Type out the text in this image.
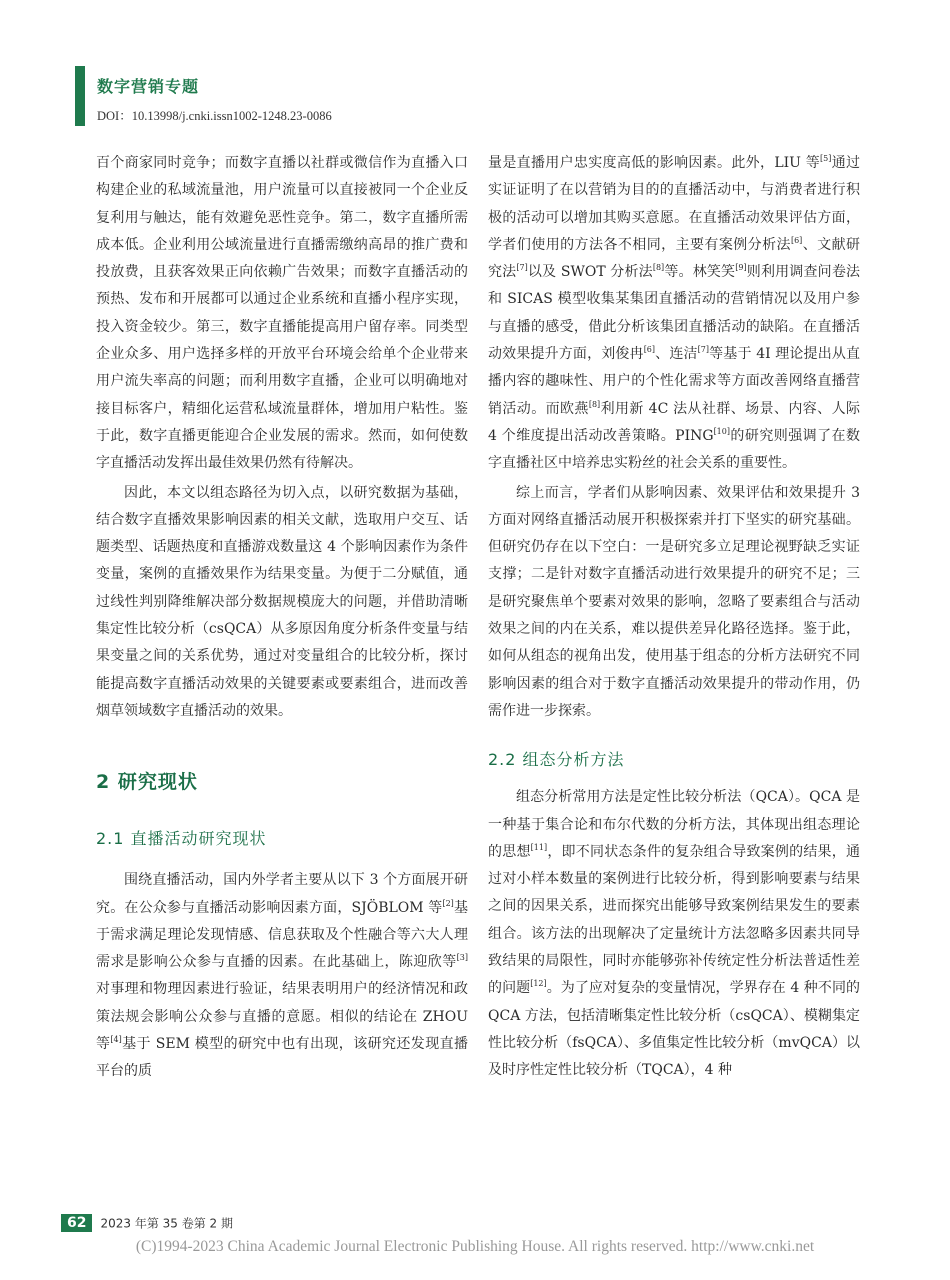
数字营销专题
DOI：10.13998/j.cnki.issn1002-1248.23-0086

百个商家同时竞争；而数字直播以社群或微信作为直播入口构建企业的私域流量池，用户流量可以直接被同一个企业反复利用与触达，能有效避免恶性竞争。第二，数字直播所需成本低。企业利用公域流量进行直播需缴纳高昂的推广费和投放费，且获客效果正向依赖广告效果；而数字直播活动的预热、发布和开展都可以通过企业系统和直播小程序实现，投入资金较少。第三，数字直播能提高用户留存率。同类型企业众多、用户选择多样的开放平台环境会给单个企业带来用户流失率高的问题；而利用数字直播，企业可以明确地对接目标客户，精细化运营私域流量群体，增加用户粘性。鉴于此，数字直播更能迎合企业发展的需求。然而，如何使数字直播活动发挥出最佳效果仍然有待解决。

因此，本文以组态路径为切入点，以研究数据为基础，结合数字直播效果影响因素的相关文献，选取用户交互、话题类型、话题热度和直播游戏数量这 4 个影响因素作为条件变量，案例的直播效果作为结果变量。为便于二分赋值，通过线性判别降维解决部分数据规模庞大的问题，并借助清晰集定性比较分析（csQCA）从多原因角度分析条件变量与结果变量之间的关系优势，通过对变量组合的比较分析，探讨能提高数字直播活动效果的关键要素或要素组合，进而改善烟草领域数字直播活动的效果。

2 研究现状
2.1 直播活动研究现状

围绕直播活动，国内外学者主要从以下 3 个方面展开研究。在公众参与直播活动影响因素方面，SJÖBLOM 等[2]基于需求满足理论发现情感、信息获取及个性融合等六大人理需求是影响公众参与直播的因素。在此基础上，陈迎欣等[3]对事理和物理因素进行验证，结果表明用户的经济情况和政策法规会影响公众参与直播的意愿。相似的结论在 ZHOU 等[4]基于 SEM 模型的研究中也有出现，该研究还发现直播平台的质

量是直播用户忠实度高低的影响因素。此外，LIU 等[5]通过实证证明了在以营销为目的的直播活动中，与消费者进行积极的活动可以增加其购买意愿。在直播活动效果评估方面，学者们使用的方法各不相同，主要有案例分析法[6]、文献研究法[7]以及 SWOT 分析法[8]等。林笑笑[9]则利用调查问卷法和 SICAS 模型收集某集团直播活动的营销情况以及用户参与直播的感受，借此分析该集团直播活动的缺陷。在直播活动效果提升方面，刘俊冉[6]、连洁[7]等基于 4I 理论提出从直播内容的趣味性、用户的个性化需求等方面改善网络直播营销活动。而欧燕[8]利用新 4C 法从社群、场景、内容、人际 4 个维度提出活动改善策略。PING[10]的研究则强调了在数字直播社区中培养忠实粉丝的社会关系的重要性。

综上而言，学者们从影响因素、效果评估和效果提升 3 方面对网络直播活动展开积极探索并打下坚实的研究基础。但研究仍存在以下空白：一是研究多立足理论视野缺乏实证支撑；二是针对数字直播活动进行效果提升的研究不足；三是研究聚焦单个要素对效果的影响，忽略了要素组合与活动效果之间的内在关系，难以提供差异化路径选择。鉴于此，如何从组态的视角出发，使用基于组态的分析方法研究不同影响因素的组合对于数字直播活动效果提升的带动作用，仍需作进一步探索。

2.2 组态分析方法

组态分析常用方法是定性比较分析法（QCA）。QCA 是一种基于集合论和布尔代数的分析方法，其体现出组态理论的思想[11]，即不同状态条件的复杂组合导致案例的结果，通过对小样本数量的案例进行比较分析，得到影响要素与结果之间的因果关系，进而探究出能够导致案例结果发生的要素组合。该方法的出现解决了定量统计方法忽略多因素共同导致结果的局限性，同时亦能够弥补传统定性分析法普适性差的问题[12]。为了应对复杂的变量情况，学界存在 4 种不同的 QCA 方法，包括清晰集定性比较分析（csQCA）、模糊集定性比较分析（fsQCA）、多值集定性比较分析（mvQCA）以及时序性定性比较分析（TQCA），4 种

62 2023 年第 35 卷第 2 期
(C)1994-2023 China Academic Journal Electronic Publishing House. All rights reserved. http://www.cnki.net
